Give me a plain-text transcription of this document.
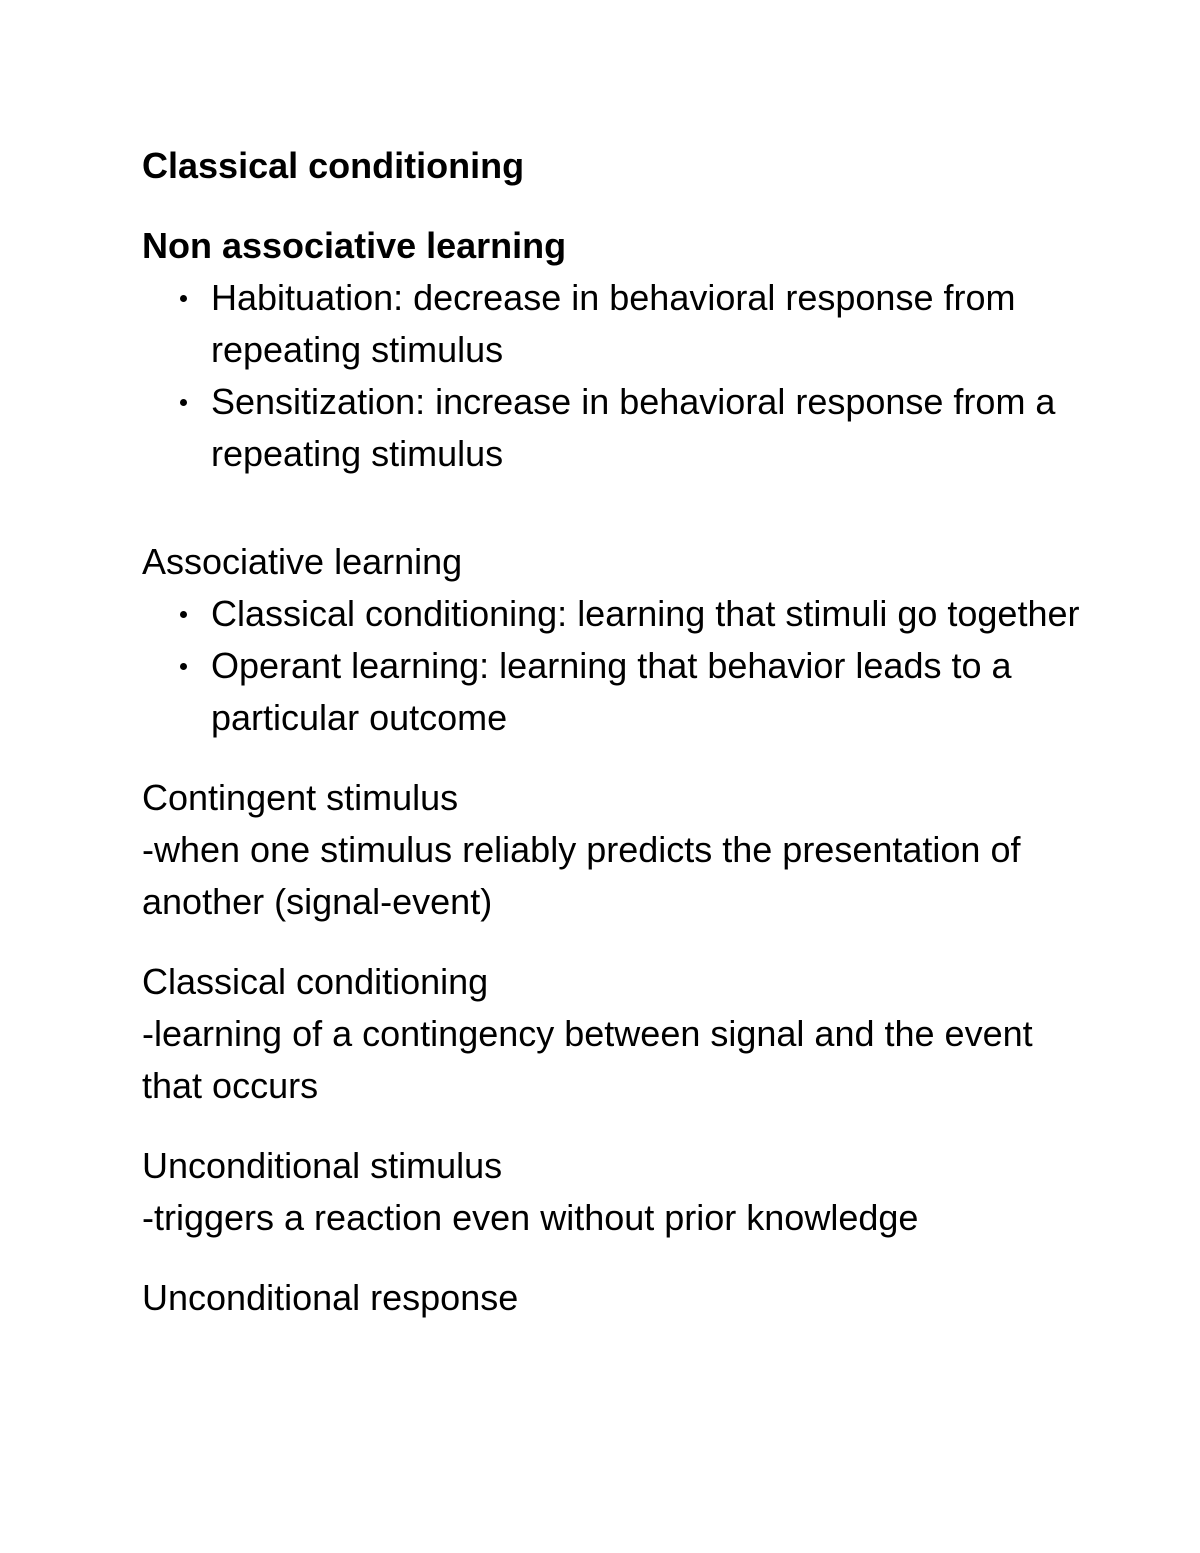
Classical conditioning

Non associative learning

Habituation: decrease in behavioral response from repeating stimulus
Sensitization: increase in behavioral response from a repeating stimulus

Associative learning

Classical conditioning: learning that stimuli go together
Operant learning: learning that behavior leads to a particular outcome

Contingent stimulus

-when one stimulus reliably predicts the presentation of another (signal-event)

Classical conditioning

-learning of a contingency between signal and the event that occurs

Unconditional stimulus

-triggers a reaction even without prior knowledge

Unconditional response
